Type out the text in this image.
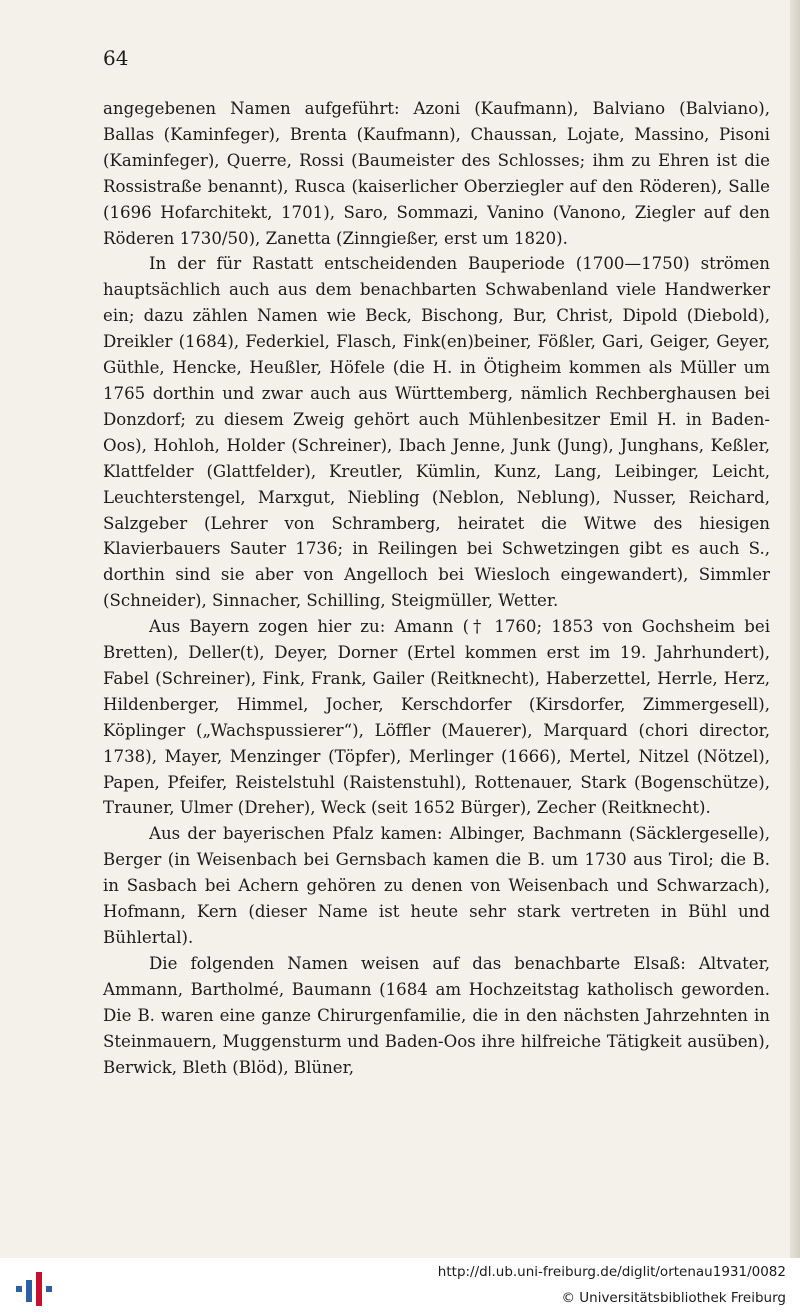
64

angegebenen Namen aufgeführt: Azoni (Kaufmann), Balviano (Balviano), Ballas (Kaminfeger), Brenta (Kaufmann), Chaussan, Lojate, Massino, Pisoni (Kaminfeger), Querre, Rossi (Baumeister des Schlosses; ihm zu Ehren ist die Rossistraße benannt), Rusca (kaiserlicher Oberziegler auf den Röderen), Salle (1696 Hofarchitekt, 1701), Saro, Sommazi, Vanino (Vanono, Ziegler auf den Röderen 1730/50), Zanetta (Zinngießer, erst um 1820).

In der für Rastatt entscheidenden Bauperiode (1700—1750) strömen hauptsächlich auch aus dem benachbarten Schwabenland viele Handwerker ein; dazu zählen Namen wie Beck, Bischong, Bur, Christ, Dipold (Diebold), Dreikler (1684), Federkiel, Flasch, Fink(en)beiner, Fößler, Gari, Geiger, Geyer, Güthle, Hencke, Heußler, Höfele (die H. in Ötigheim kommen als Müller um 1765 dorthin und zwar auch aus Württemberg, nämlich Rechberghausen bei Donzdorf; zu diesem Zweig gehört auch Mühlenbesitzer Emil H. in Baden-Oos), Hohloh, Holder (Schreiner), Ibach Jenne, Junk (Jung), Junghans, Keßler, Klattfelder (Glattfelder), Kreutler, Kümlin, Kunz, Lang, Leibinger, Leicht, Leuchterstengel, Marxgut, Niebling (Neblon, Neblung), Nusser, Reichard, Salzgeber (Lehrer von Schramberg, heiratet die Witwe des hiesigen Klavierbauers Sauter 1736; in Reilingen bei Schwetzingen gibt es auch S., dorthin sind sie aber von Angelloch bei Wiesloch eingewandert), Simmler (Schneider), Sinnacher, Schilling, Steigmüller, Wetter.

Aus Bayern zogen hier zu: Amann († 1760; 1853 von Gochsheim bei Bretten), Deller(t), Deyer, Dorner (Ertel kommen erst im 19. Jahrhundert), Fabel (Schreiner), Fink, Frank, Gailer (Reitknecht), Haberzettel, Herrle, Herz, Hildenberger, Himmel, Jocher, Kerschdorfer (Kirsdorfer, Zimmergesell), Köplinger („Wachspussierer“), Löffler (Mauerer), Marquard (chori director, 1738), Mayer, Menzinger (Töpfer), Merlinger (1666), Mertel, Nitzel (Nötzel), Papen, Pfeifer, Reistelstuhl (Raistenstuhl), Rottenauer, Stark (Bogenschütze), Trauner, Ulmer (Dreher), Weck (seit 1652 Bürger), Zecher (Reitknecht).

Aus der bayerischen Pfalz kamen: Albinger, Bachmann (Säcklergeselle), Berger (in Weisenbach bei Gernsbach kamen die B. um 1730 aus Tirol; die B. in Sasbach bei Achern gehören zu denen von Weisenbach und Schwarzach), Hofmann, Kern (dieser Name ist heute sehr stark vertreten in Bühl und Bühlertal).

Die folgenden Namen weisen auf das benachbarte Elsaß: Altvater, Ammann, Bartholmé, Baumann (1684 am Hochzeitstag katholisch geworden. Die B. waren eine ganze Chirurgenfamilie, die in den nächsten Jahrzehnten in Steinmauern, Muggensturm und Baden-Oos ihre hilfreiche Tätigkeit ausüben), Berwick, Bleth (Blöd), Blüner,

http://dl.ub.uni-freiburg.de/diglit/ortenau1931/0082
© Universitätsbibliothek Freiburg
